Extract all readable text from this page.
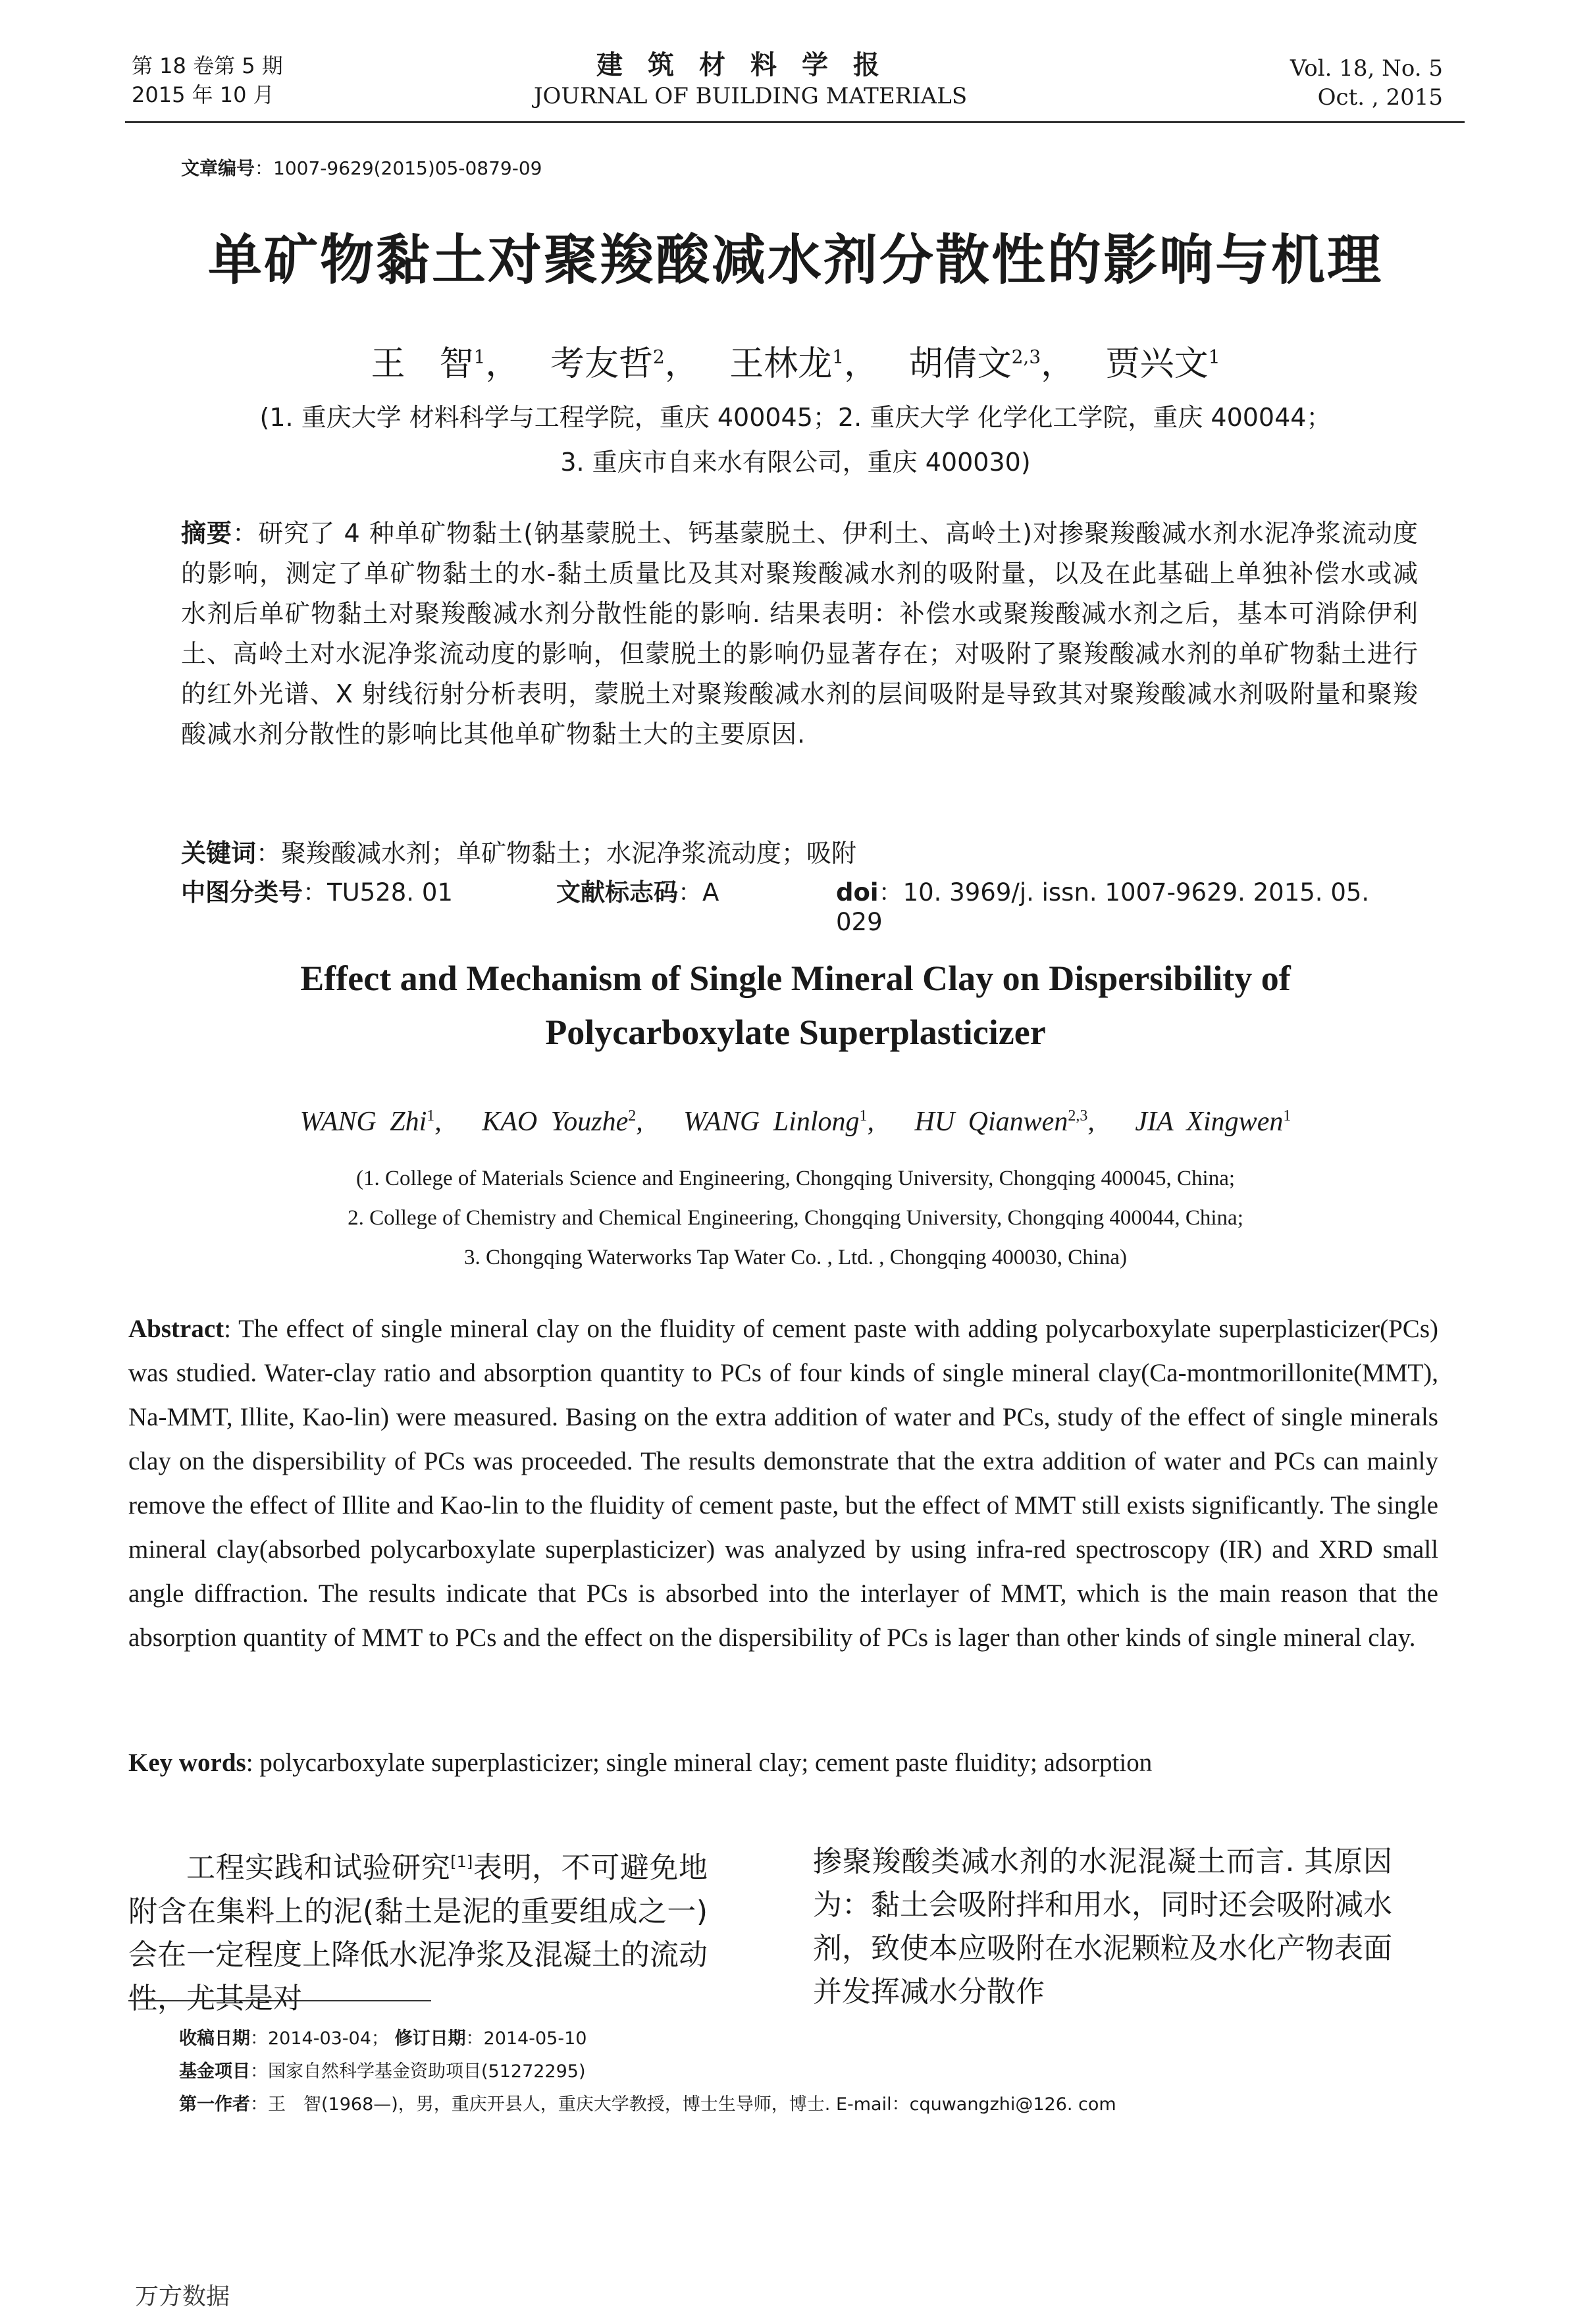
第 18 卷第 5 期
2015 年 10 月
建筑材料学报
JOURNAL OF BUILDING MATERIALS
Vol. 18, No. 5
Oct. , 2015
文章编号：1007-9629(2015)05-0879-09
单矿物黏土对聚羧酸减水剂分散性的影响与机理
王　智$^1$， 考友哲$^2$， 王林龙$^1$， 胡倩文$^{2,3}$， 贾兴文$^1$
(1. 重庆大学 材料科学与工程学院，重庆 400045；2. 重庆大学 化学化工学院，重庆 400044；
3. 重庆市自来水有限公司，重庆 400030)
摘要：研究了 4 种单矿物黏土(钠基蒙脱土、钙基蒙脱土、伊利土、高岭土)对掺聚羧酸减水剂水泥净浆流动度的影响，测定了单矿物黏土的水-黏土质量比及其对聚羧酸减水剂的吸附量，以及在此基础上单独补偿水或减水剂后单矿物黏土对聚羧酸减水剂分散性能的影响. 结果表明：补偿水或聚羧酸减水剂之后，基本可消除伊利土、高岭土对水泥净浆流动度的影响，但蒙脱土的影响仍显著存在；对吸附了聚羧酸减水剂的单矿物黏土进行的红外光谱、X 射线衍射分析表明，蒙脱土对聚羧酸减水剂的层间吸附是导致其对聚羧酸减水剂吸附量和聚羧酸减水剂分散性的影响比其他单矿物黏土大的主要原因.
关键词：聚羧酸减水剂；单矿物黏土；水泥净浆流动度；吸附
中图分类号：TU528. 01	文献标志码：A	doi：10. 3969/j. issn. 1007-9629. 2015. 05. 029
Effect and Mechanism of Single Mineral Clay on Dispersibility of
Polycarboxylate Superplasticizer
WANG Zhi$^1$,   KAO Youzhe$^2$,   WANG Linlong$^1$,   HU Qianwen$^{2,3}$,   JIA Xingwen$^1$
(1. College of Materials Science and Engineering, Chongqing University, Chongqing 400045, China;
2. College of Chemistry and Chemical Engineering, Chongqing University, Chongqing 400044, China;
3. Chongqing Waterworks Tap Water Co. , Ltd. , Chongqing 400030, China)
Abstract: The effect of single mineral clay on the fluidity of cement paste with adding polycarboxylate superplasticizer(PCs) was studied. Water-clay ratio and absorption quantity to PCs of four kinds of single mineral clay(Ca-montmorillonite(MMT), Na-MMT, Illite, Kao-lin) were measured. Basing on the extra addition of water and PCs, study of the effect of single minerals clay on the dispersibility of PCs was proceeded. The results demonstrate that the extra addition of water and PCs can mainly remove the effect of Illite and Kao-lin to the fluidity of cement paste, but the effect of MMT still exists significantly. The single mineral clay(absorbed polycarboxylate superplasticizer) was analyzed by using infra-red spectroscopy (IR) and XRD small angle diffraction. The results indicate that PCs is absorbed into the interlayer of MMT, which is the main reason that the absorption quantity of MMT to PCs and the effect on the dispersibility of PCs is lager than other kinds of single mineral clay.
Key words: polycarboxylate superplasticizer; single mineral clay; cement paste fluidity; adsorption
工程实践和试验研究[1]表明，不可避免地附含在集料上的泥(黏土是泥的重要组成之一)会在一定程度上降低水泥净浆及混凝土的流动性，尤其是对
掺聚羧酸类减水剂的水泥混凝土而言. 其原因为：黏土会吸附拌和用水，同时还会吸附减水剂，致使本应吸附在水泥颗粒及水化产物表面并发挥减水分散作
收稿日期：2014-03-04； 修订日期：2014-05-10
基金项目：国家自然科学基金资助项目(51272295)
第一作者：王　智(1968—)，男，重庆开县人，重庆大学教授，博士生导师，博士. E-mail：cquwangzhi@126. com
万方数据
